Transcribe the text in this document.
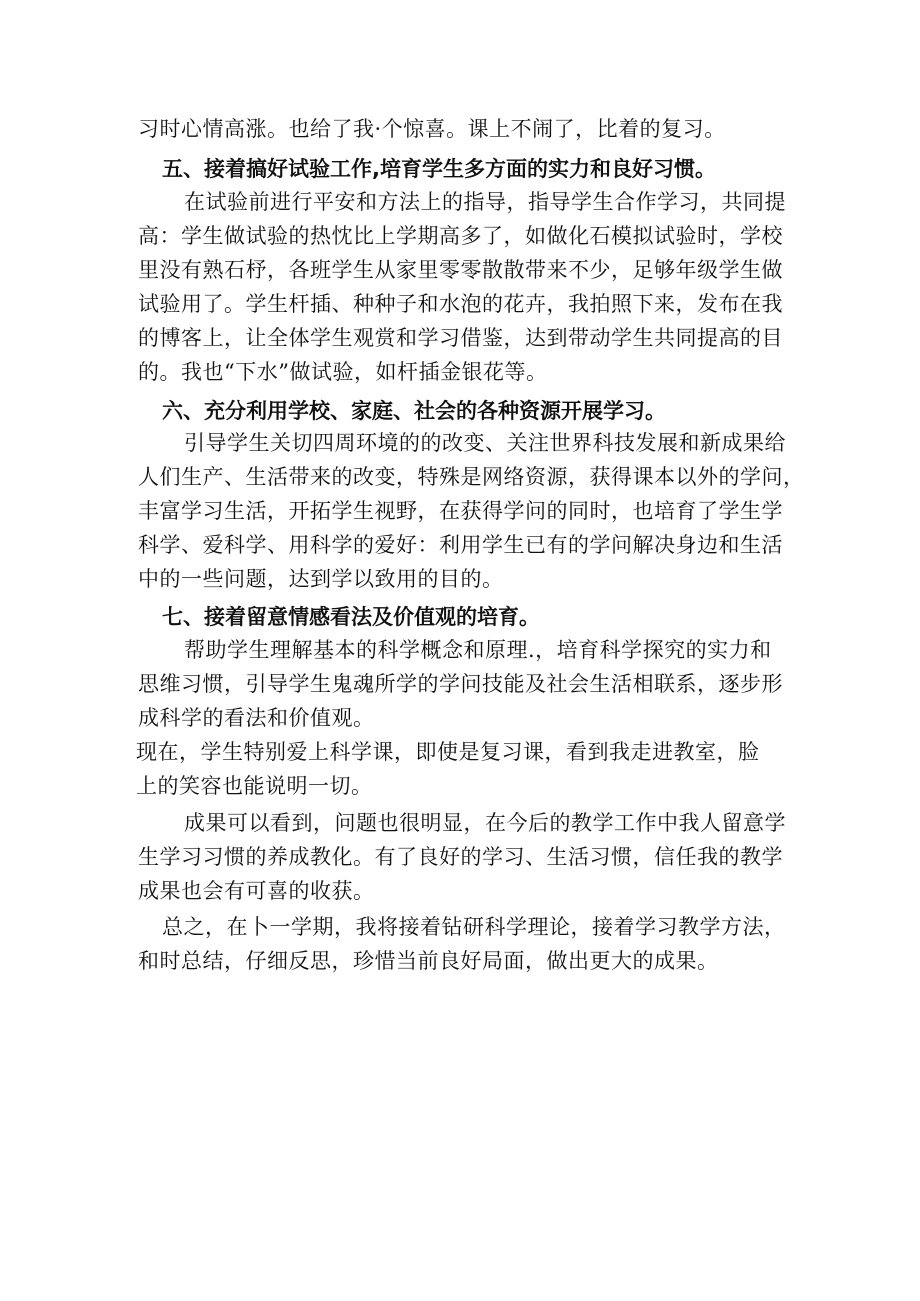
习时心情高涨。也给了我·个惊喜。课上不闹了，比着的复习。
五、接着搞好试验工作,培育学生多方面的实力和良好习惯。
在试验前进行平安和方法上的指导，指导学生合作学习，共同提
高：学生做试验的热忱比上学期高多了，如做化石模拟试验时，学校
里没有熟石杼，各班学生从家里零零散散带来不少，足够年级学生做
试验用了。学生杆插、种种子和水泡的花卉，我拍照下来，发布在我
的博客上，让全体学生观赏和学习借鉴，达到带动学生共同提高的目
的。我也“下水”做试验，如杆插金银花等。
六、充分利用学校、家庭、社会的各种资源开展学习。
引导学生关切四周环境的的改变、关注世界科技发展和新成果给
人们生产、生活带来的改变，特殊是网络资源，获得课本以外的学问，
丰富学习生活，开拓学生视野，在获得学问的同时，也培育了学生学
科学、爱科学、用科学的爱好：利用学生已有的学问解决身边和生活
中的一些问题，达到学以致用的目的。
七、接着留意情感看法及价值观的培育。
帮助学生理解基本的科学概念和原理.，培育科学探究的实力和
思维习惯，引导学生鬼魂所学的学问技能及社会生活相联系，逐步形
成科学的看法和价值观。
现在，学生特别爱上科学课，即使是复习课，看到我走进教室，脸
上的笑容也能说明一切。
成果可以看到，问题也很明显，在今后的教学工作中我人留意学
生学习习惯的养成教化。有了良好的学习、生活习惯，信任我的教学
成果也会有可喜的收获。
总之，在卜一学期，我将接着钻研科学理论，接着学习教学方法，
和时总结，仔细反思，珍惜当前良好局面，做出更大的成果。
